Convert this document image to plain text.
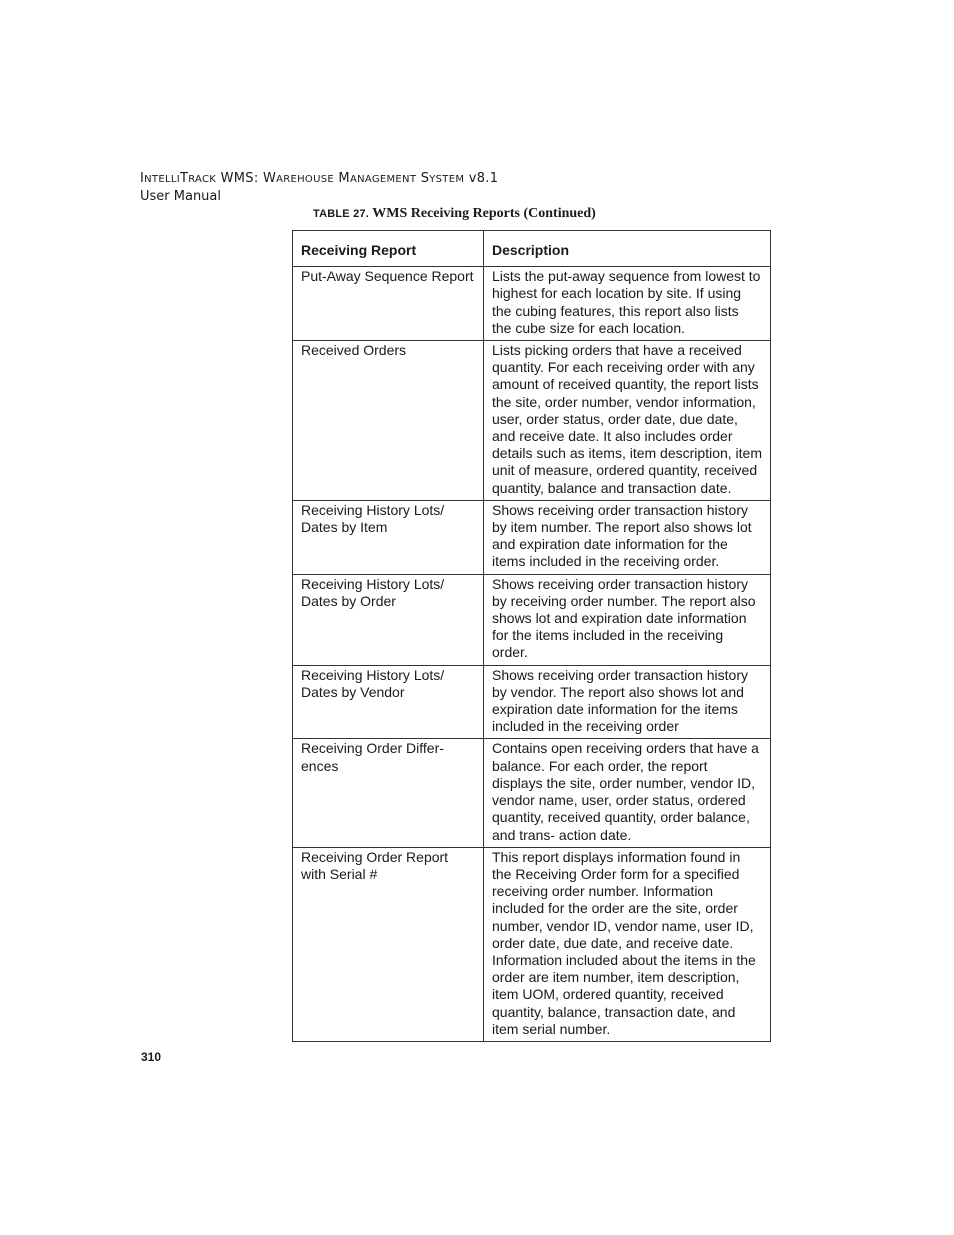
INTELLITRACK WMS: WAREHOUSE MANAGEMENT SYSTEM v8.1
User Manual
TABLE 27. WMS Receiving Reports (Continued)
Receiving Report	Description
Put-Away Sequence Report	Lists the put-away sequence from lowest to highest for each location by site. If using the cubing features, this report also lists the cube size for each location.
Received Orders	Lists picking orders that have a received quantity. For each receiving order with any amount of received quantity, the report lists the site, order number, vendor information, user, order status, order date, due date, and receive date. It also includes order details such as items, item description, item unit of measure, ordered quantity, received quantity, balance and transaction date.
Receiving History Lots/ Dates by Item	Shows receiving order transaction history by item number. The report also shows lot and expiration date information for the items included in the receiving order.
Receiving History Lots/ Dates by Order	Shows receiving order transaction history by receiving order number. The report also shows lot and expiration date information for the items included in the receiving order.
Receiving History Lots/ Dates by Vendor	Shows receiving order transaction history by vendor. The report also shows lot and expiration date information for the items included in the receiving order
Receiving Order Differ- ences	Contains open receiving orders that have a balance. For each order, the report displays the site, order number, vendor ID, vendor name, user, order status, ordered quantity, received quantity, order balance, and trans- action date.
Receiving Order Report with Serial #	This report displays information found in the Receiving Order form for a specified receiving order number. Information included for the order are the site, order number, vendor ID, vendor name, user ID, order date, due date, and receive date. Information included about the items in the order are item number, item description, item UOM, ordered quantity, received quantity, balance, transaction date, and item serial number.
310
